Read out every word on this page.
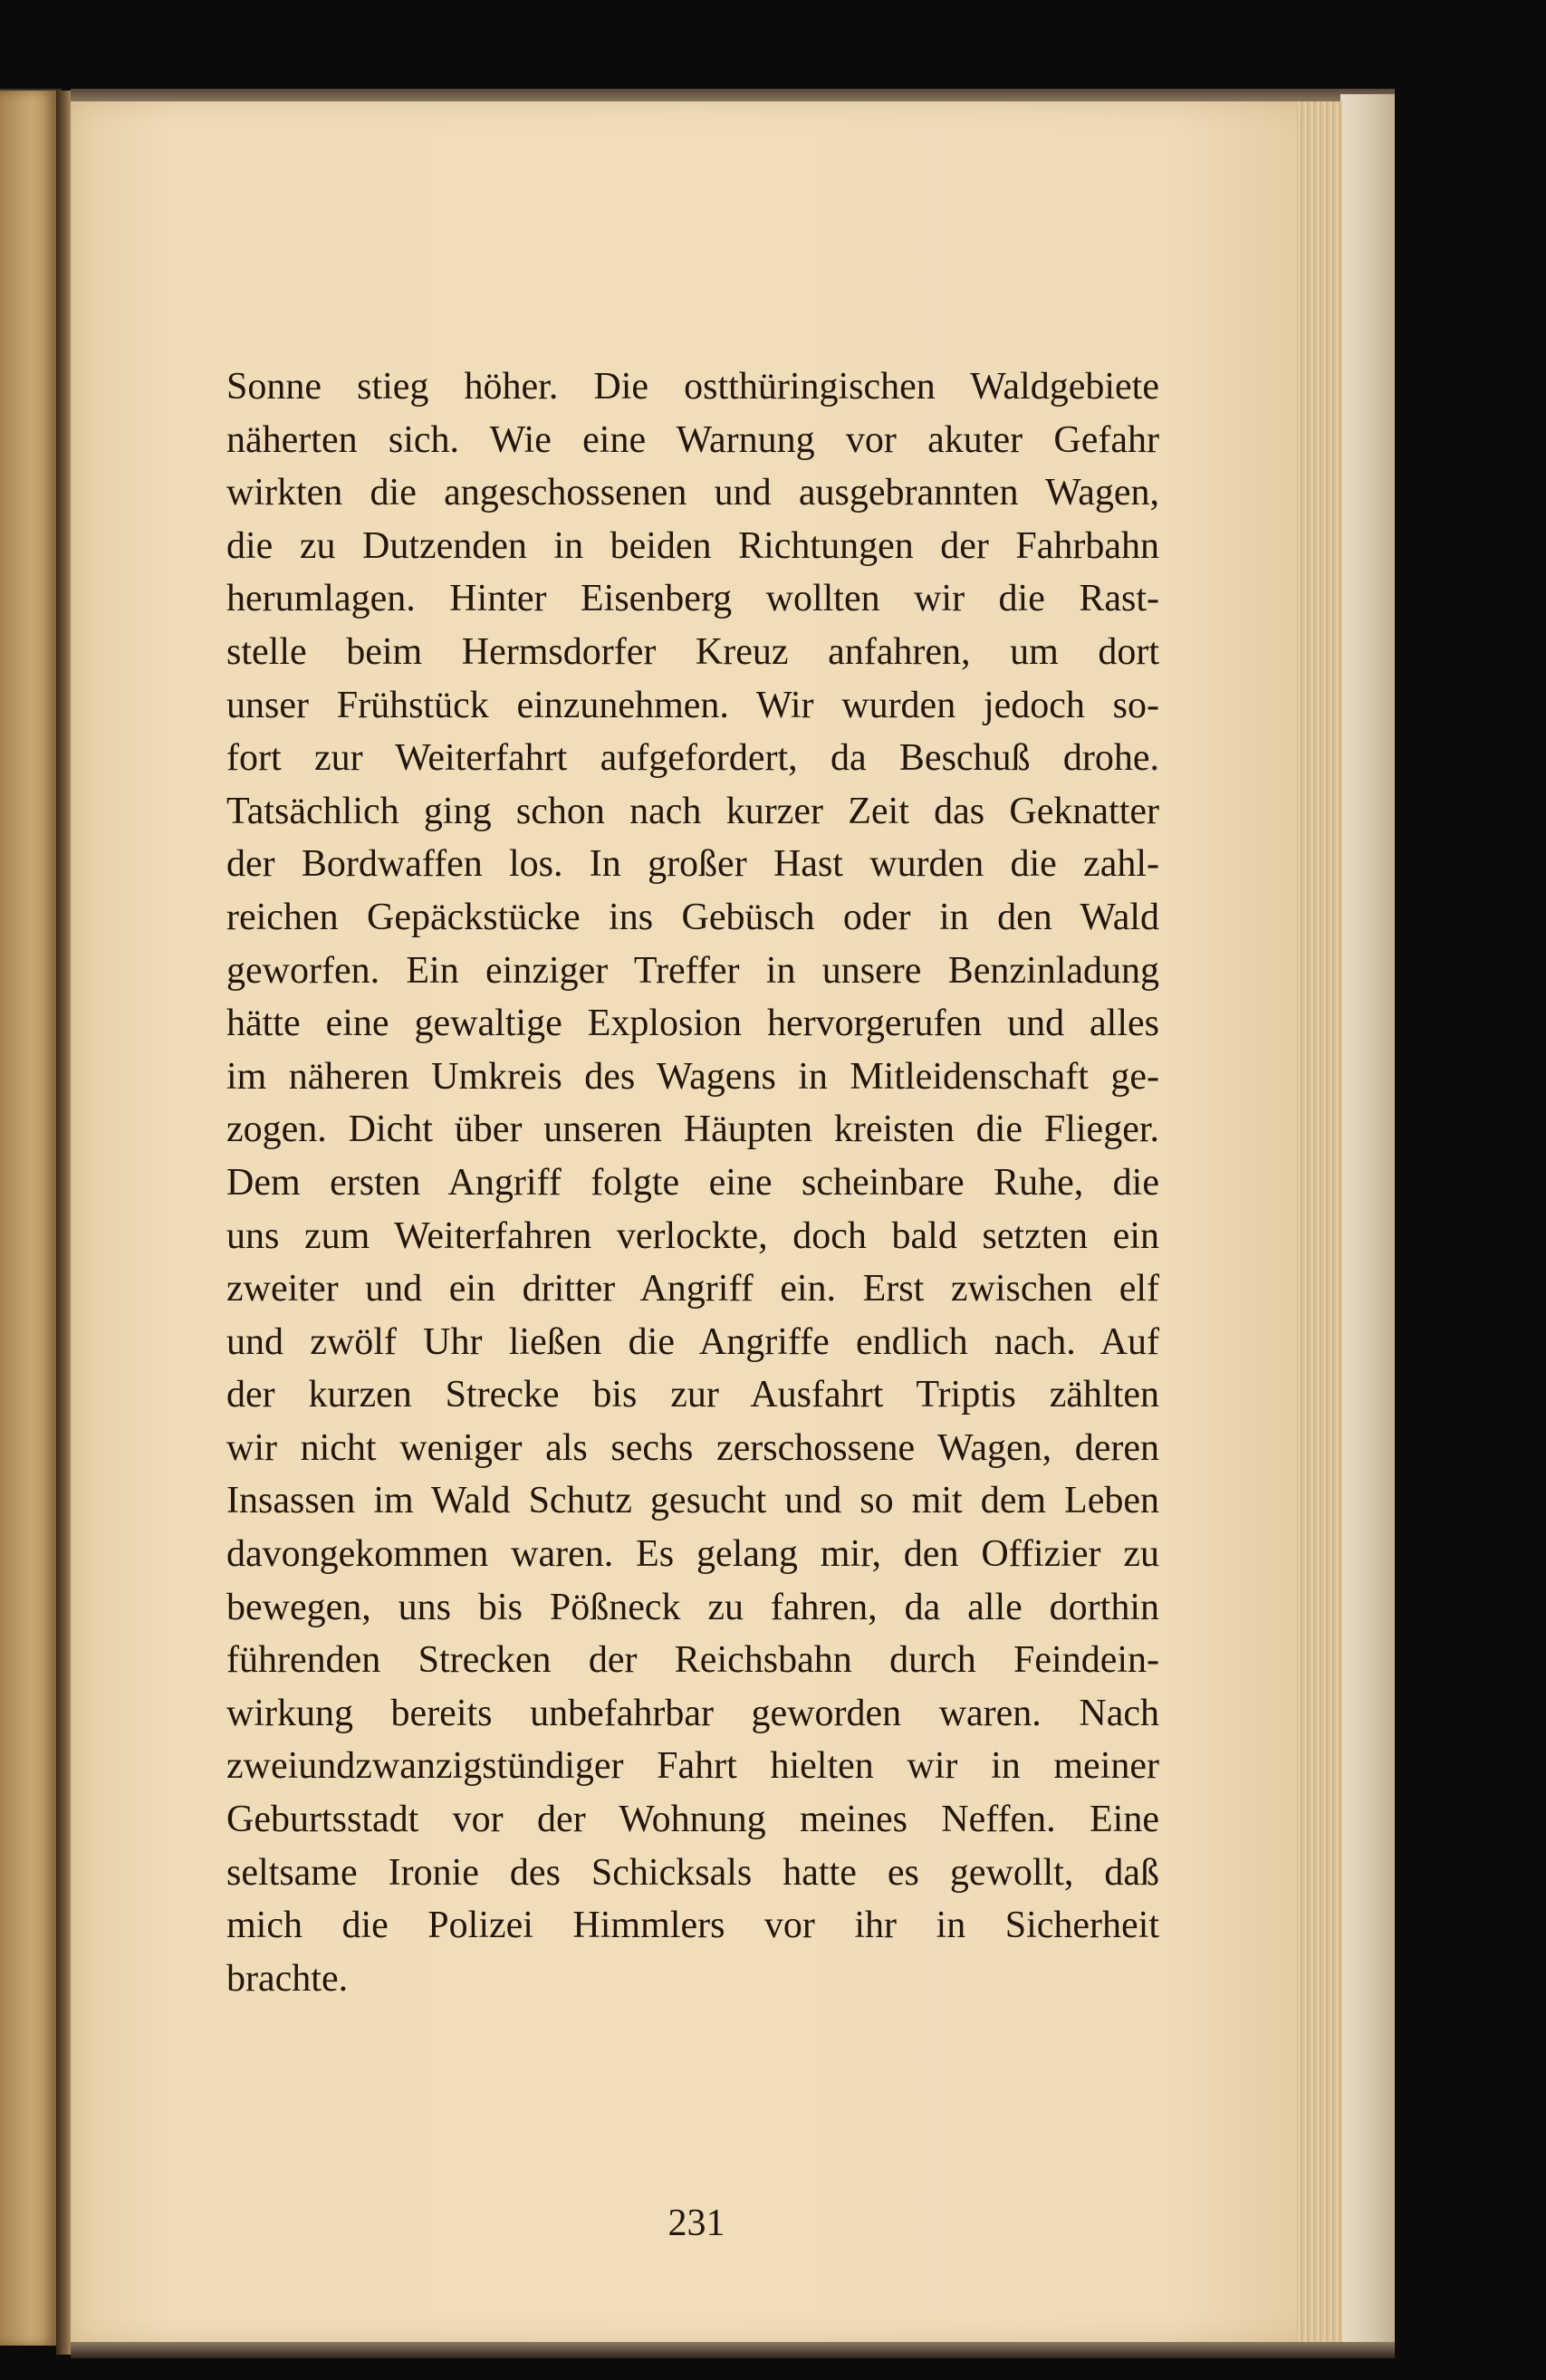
Sonne stieg höher. Die ostthüringischen Waldgebiete
näherten sich. Wie eine Warnung vor akuter Gefahr
wirkten die angeschossenen und ausgebrannten Wagen,
die zu Dutzenden in beiden Richtungen der Fahrbahn
herumlagen. Hinter Eisenberg wollten wir die Rast-
stelle beim Hermsdorfer Kreuz anfahren, um dort
unser Frühstück einzunehmen. Wir wurden jedoch so-
fort zur Weiterfahrt aufgefordert, da Beschuß drohe.
Tatsächlich ging schon nach kurzer Zeit das Geknatter
der Bordwaffen los. In großer Hast wurden die zahl-
reichen Gepäckstücke ins Gebüsch oder in den Wald
geworfen. Ein einziger Treffer in unsere Benzinladung
hätte eine gewaltige Explosion hervorgerufen und alles
im näheren Umkreis des Wagens in Mitleidenschaft ge-
zogen. Dicht über unseren Häupten kreisten die Flieger.
Dem ersten Angriff folgte eine scheinbare Ruhe, die
uns zum Weiterfahren verlockte, doch bald setzten ein
zweiter und ein dritter Angriff ein. Erst zwischen elf
und zwölf Uhr ließen die Angriffe endlich nach. Auf
der kurzen Strecke bis zur Ausfahrt Triptis zählten
wir nicht weniger als sechs zerschossene Wagen, deren
Insassen im Wald Schutz gesucht und so mit dem Leben
davongekommen waren. Es gelang mir, den Offizier zu
bewegen, uns bis Pößneck zu fahren, da alle dorthin
führenden Strecken der Reichsbahn durch Feindein-
wirkung bereits unbefahrbar geworden waren. Nach
zweiundzwanzigstündiger Fahrt hielten wir in meiner
Geburtsstadt vor der Wohnung meines Neffen. Eine
seltsame Ironie des Schicksals hatte es gewollt, daß
mich die Polizei Himmlers vor ihr in Sicherheit
brachte.
231
